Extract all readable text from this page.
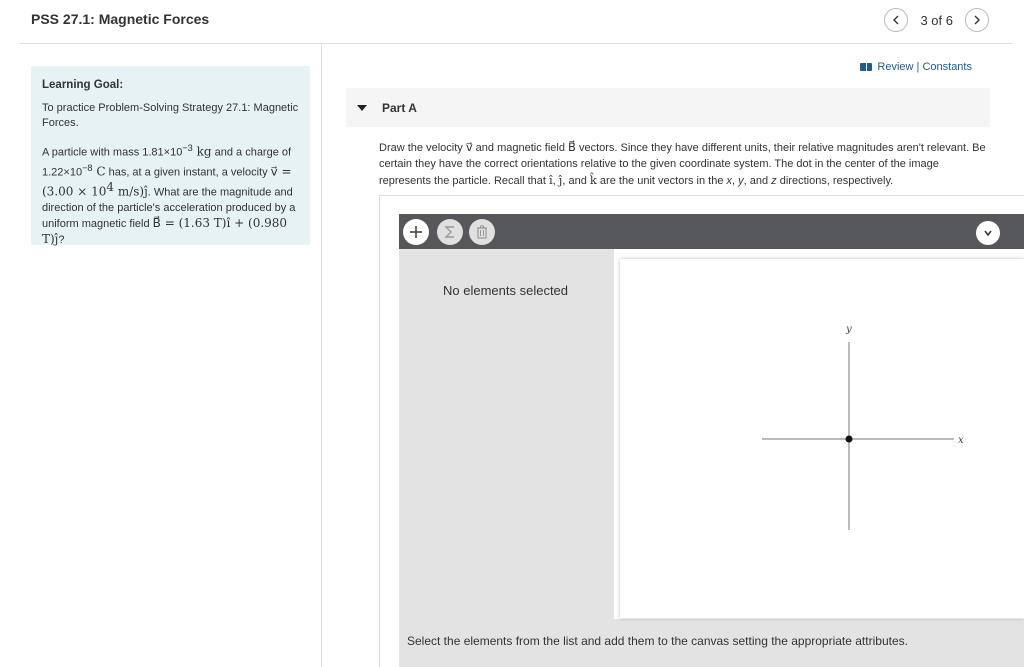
PSS 27.1: Magnetic Forces	3 of 6
Learning Goal:

To practice Problem-Solving Strategy 27.1: Magnetic Forces.

A particle with mass $1.81\times 10^{-3}$ kg and a charge of $1.22\times 10^{-8}$ C has, at a given instant, a velocity v⃗ = ($3.00 \times 10^4$ m/s)ĵ. What are the magnitude and direction of the particle's acceleration produced by a uniform magnetic field B⃗ = (1.63 T)î + (0.980 T)ĵ?

Review | Constants
Part A
Draw the velocity v⃗ and magnetic field B⃗ vectors. Since they have different units, their relative magnitudes aren't relevant. Be certain they have the correct orientations relative to the given coordinate system. The dot in the center of the image represents the particle. Recall that î, ĵ, and k̂ are the unit vectors in the x, y, and z directions, respectively.
No elements selected
Select the elements from the list and add them to the canvas setting the appropriate attributes.
x
y
